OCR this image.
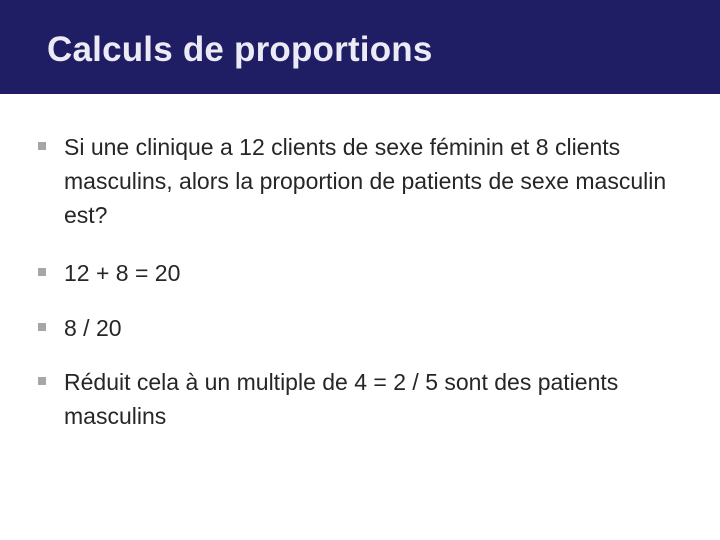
Calculs de proportions
Si une clinique a 12 clients de sexe féminin et 8 clients masculins, alors la proportion de patients de sexe masculin est?
12 + 8 = 20
8 / 20
Réduit cela à un multiple de 4 = 2 / 5 sont des patients masculins
